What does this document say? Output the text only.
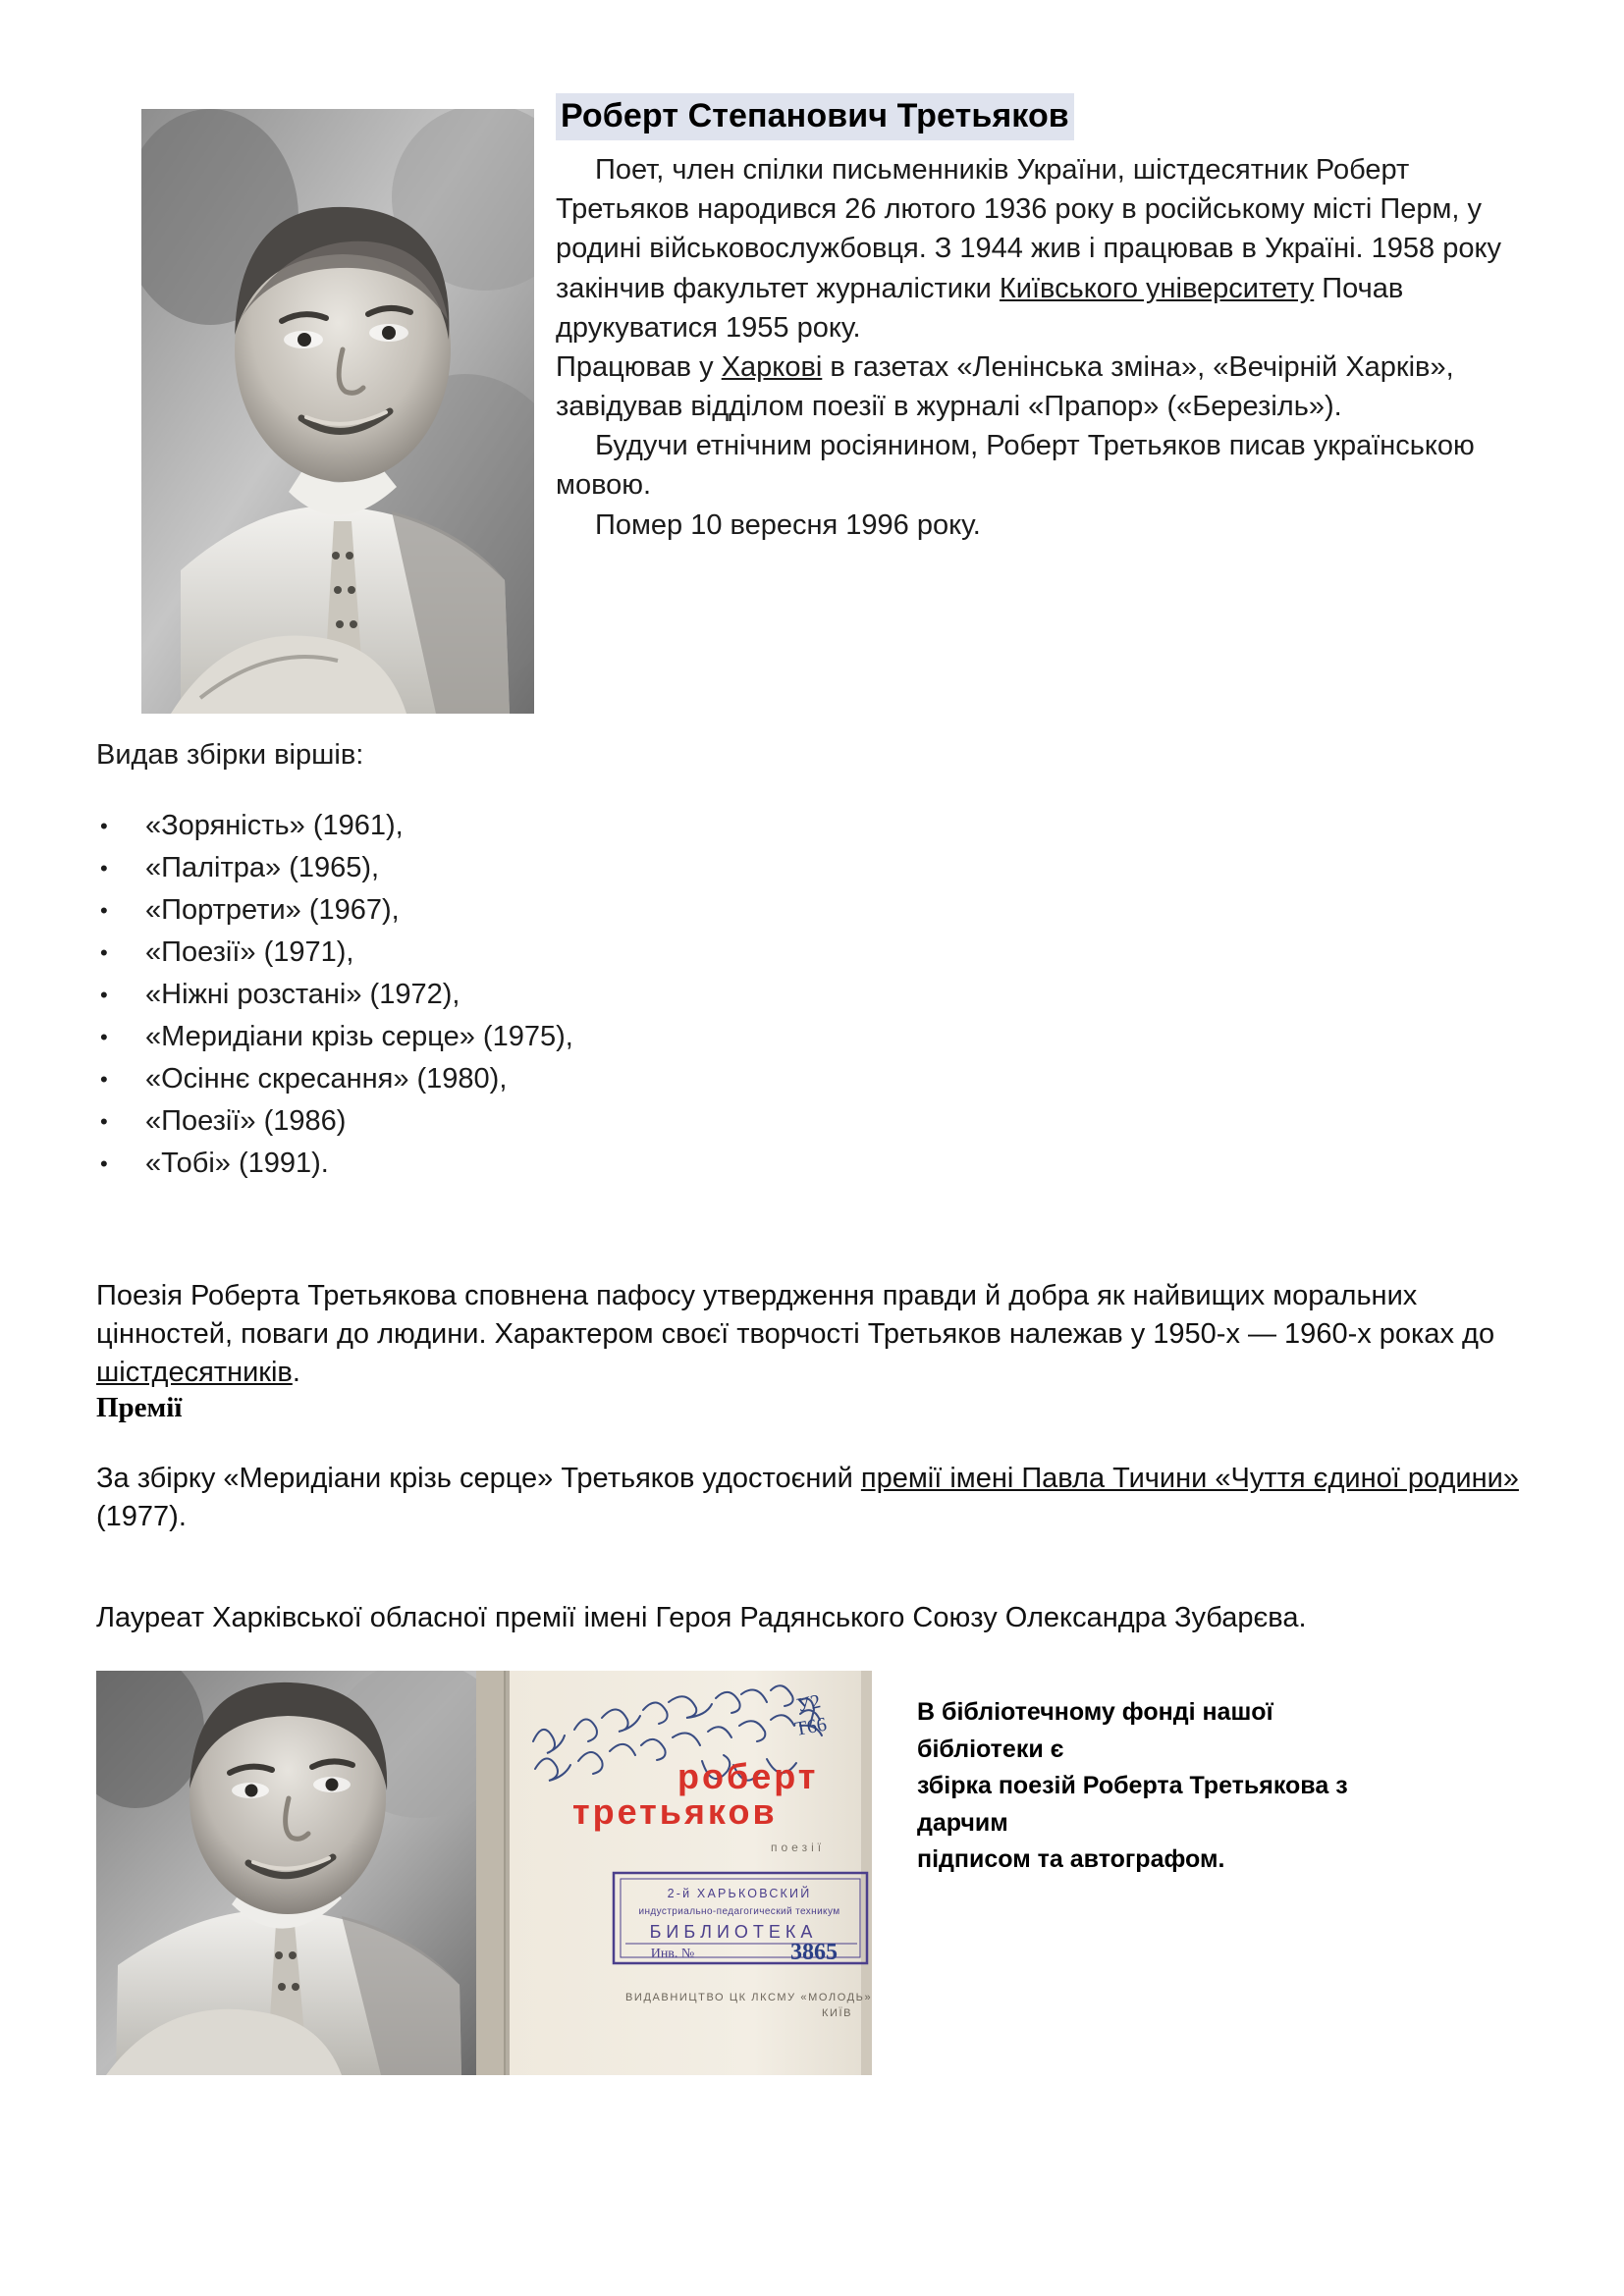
Роберт Степанович Третьяков

Поет, член спілки письменників України, шістдесятник Роберт Третьяков народився 26 лютого 1936 року в російському місті Перм, у родині військовослужбовця. З 1944 жив і працював в Україні. 1958 року закінчив факультет журналістики Київського університету Почав друкуватися 1955 року.

Працював у Харкові в газетах «Ленінська зміна», «Вечірній Харків», завідував відділом поезії в журналі «Прапор» («Березіль»).

Будучи етнічним росіянином, Роберт Третьяков писав українською мовою.

Помер 10 вересня 1996 року.

Видав збірки віршів:
• «Зоряність» (1961),
• «Палітра» (1965),
• «Портрети» (1967),
• «Поезії» (1971),
• «Ніжні розстані» (1972),
• «Меридіани крізь серце» (1975),
• «Осіннє скресання» (1980),
• «Поезії» (1986)
• «Тобі» (1991).

Поезія Роберта Третьякова сповнена пафосу утвердження правди й добра як найвищих моральних цінностей, поваги до людини. Характером своєї творчості Третьяков належав у 1950-х — 1960-х роках до шістдесятників.

Премії

За збірку «Меридіани крізь серце» Третьяков удостоєний премії імені Павла Тичини «Чуття єдиної родини» (1977).

Лауреат Харківської обласної премії імені Героя Радянського Союзу Олександра Зубарєва.

У2
Т66
роберт
третьяков
поезії
2-й ХАРЬКОВСКИЙ
индустриально-педагогический техникум
БИБЛИОТЕКА
Инв. №	3865
ВИДАВНИЦТВО ЦК ЛКСМУ «МОЛОДЬ»
КИЇВ
В бібліотечному фонді нашої
бібліотеки є
збірка поезій Роберта Третьякова з
дарчим
підписом та автографом.
